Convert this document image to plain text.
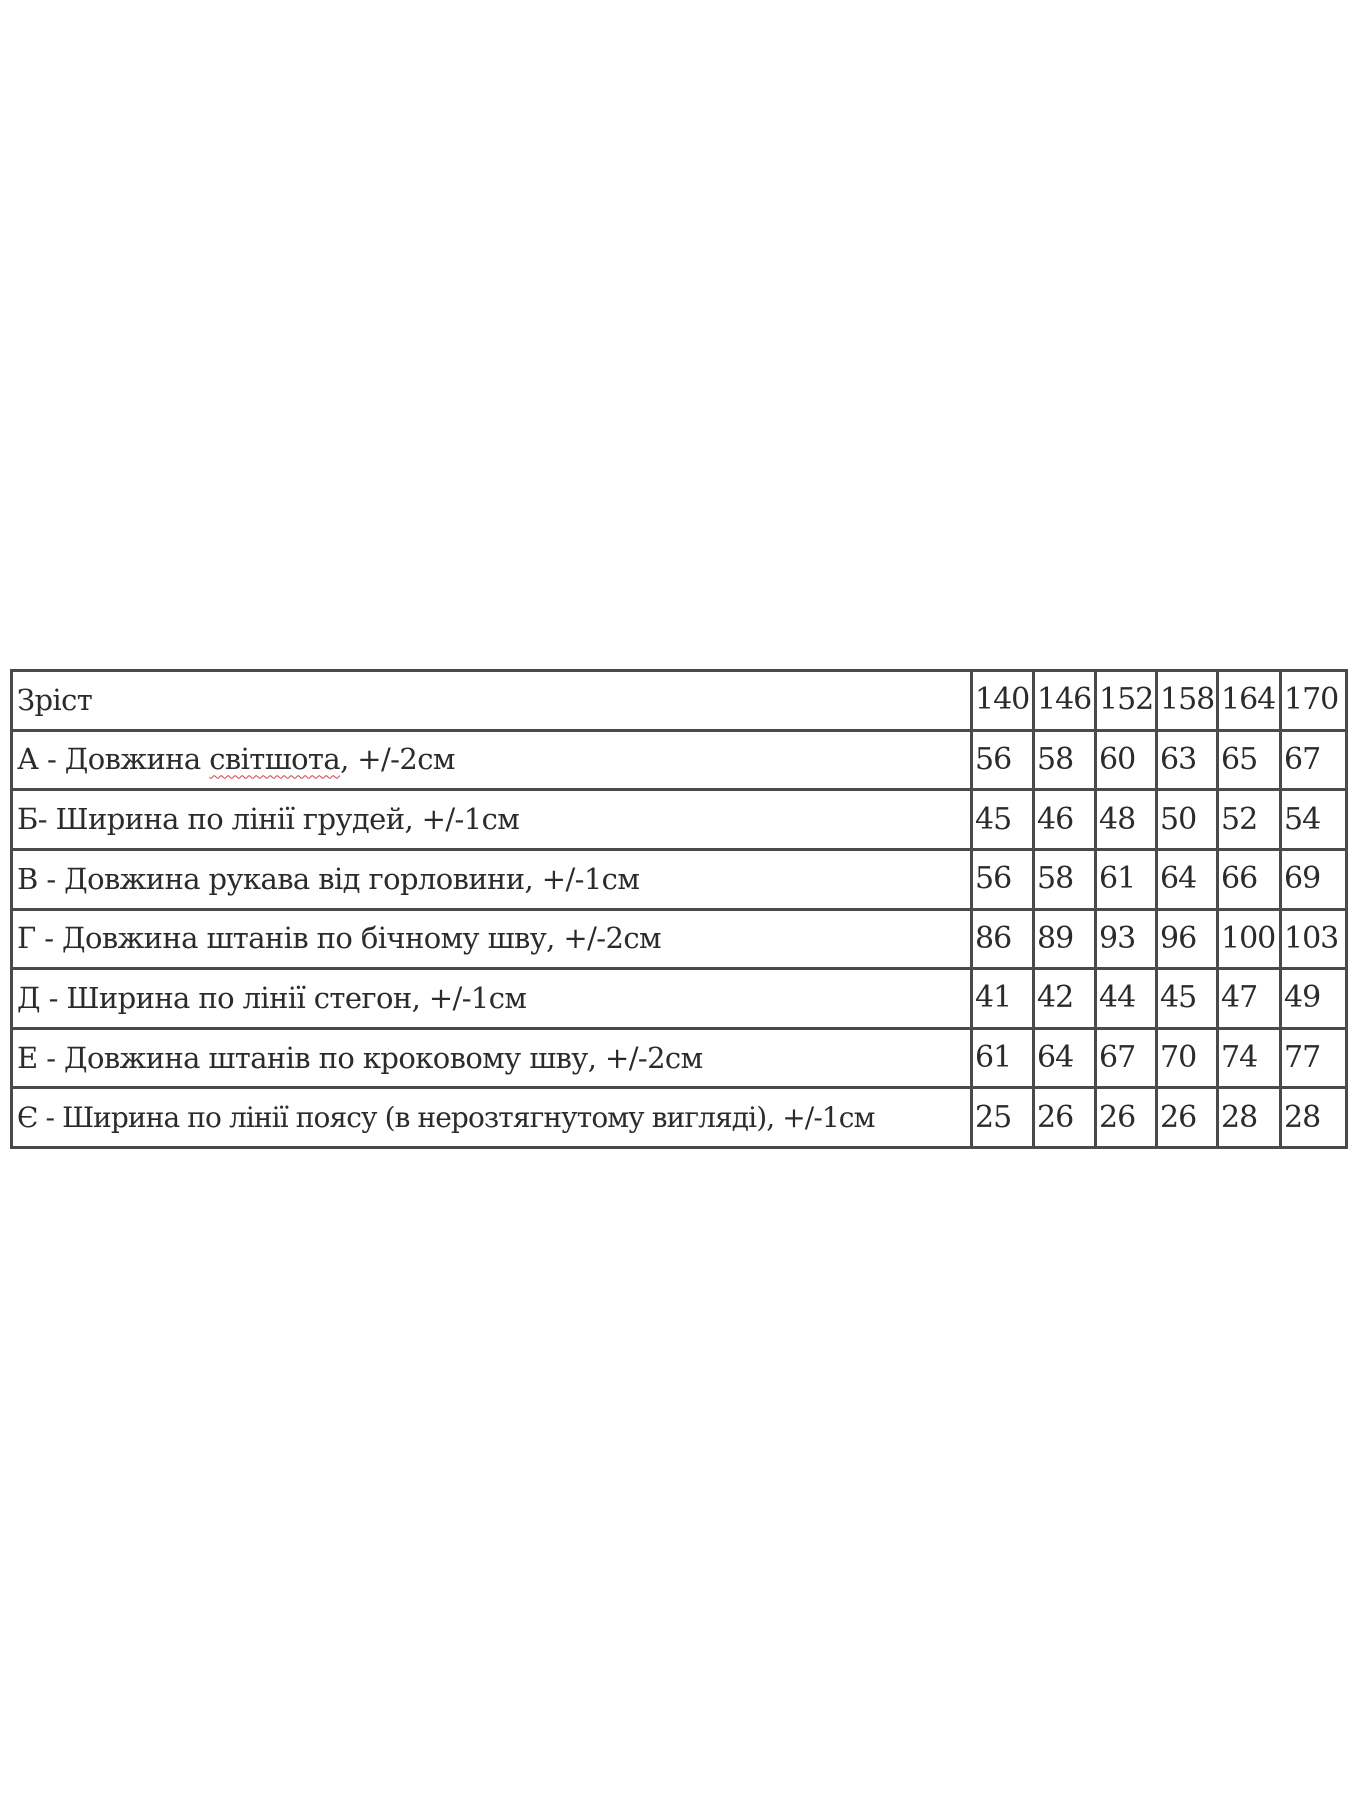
Зріст	140	146	152	158	164	170
А - Довжина світшота, +/-2см	56	58	60	63	65	67
Б- Ширина по лінії грудей, +/-1см	45	46	48	50	52	54
В - Довжина рукава від горловини, +/-1см	56	58	61	64	66	69
Г - Довжина штанів по бічному шву, +/-2см	86	89	93	96	100	103
Д - Ширина по лінії стегон, +/-1см	41	42	44	45	47	49
Е - Довжина штанів по кроковому шву, +/-2см	61	64	67	70	74	77
Є - Ширина по лінії поясу (в нерозтягнутому вигляді), +/-1см	25	26	26	26	28	28
